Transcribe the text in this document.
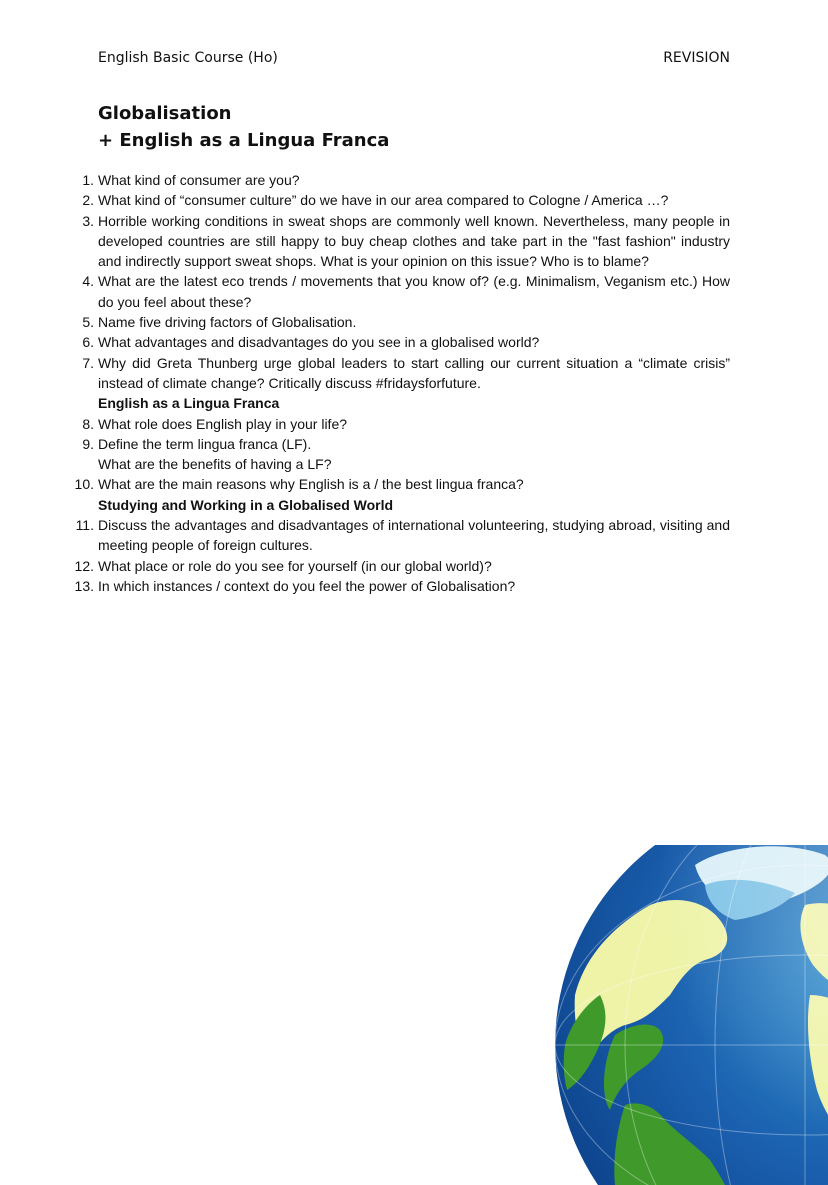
English Basic Course (Ho)	REVISION
Globalisation
+ English as a Lingua Franca
1. What kind of consumer are you?
2. What kind of “consumer culture” do we have in our area compared to Cologne / America …?
3. Horrible working conditions in sweat shops are commonly well known. Nevertheless, many people in developed countries are still happy to buy cheap clothes and take part in the "fast fashion" industry and indirectly support sweat shops. What is your opinion on this issue? Who is to blame?
4. What are the latest eco trends / movements that you know of? (e.g. Minimalism, Veganism etc.) How do you feel about these?
5. Name five driving factors of Globalisation.
6. What advantages and disadvantages do you see in a globalised world?
7. Why did Greta Thunberg urge global leaders to start calling our current situation a “climate crisis” instead of climate change? Critically discuss #fridaysforfuture.
English as a Lingua Franca
8. What role does English play in your life?
9. Define the term lingua franca (LF).
What are the benefits of having a LF?
10. What are the main reasons why English is a / the best lingua franca?
Studying and Working in a Globalised World
11. Discuss the advantages and disadvantages of international volunteering, studying abroad, visiting and meeting people of foreign cultures.
12. What place or role do you see for yourself (in our global world)?
13. In which instances / context do you feel the power of Globalisation?
